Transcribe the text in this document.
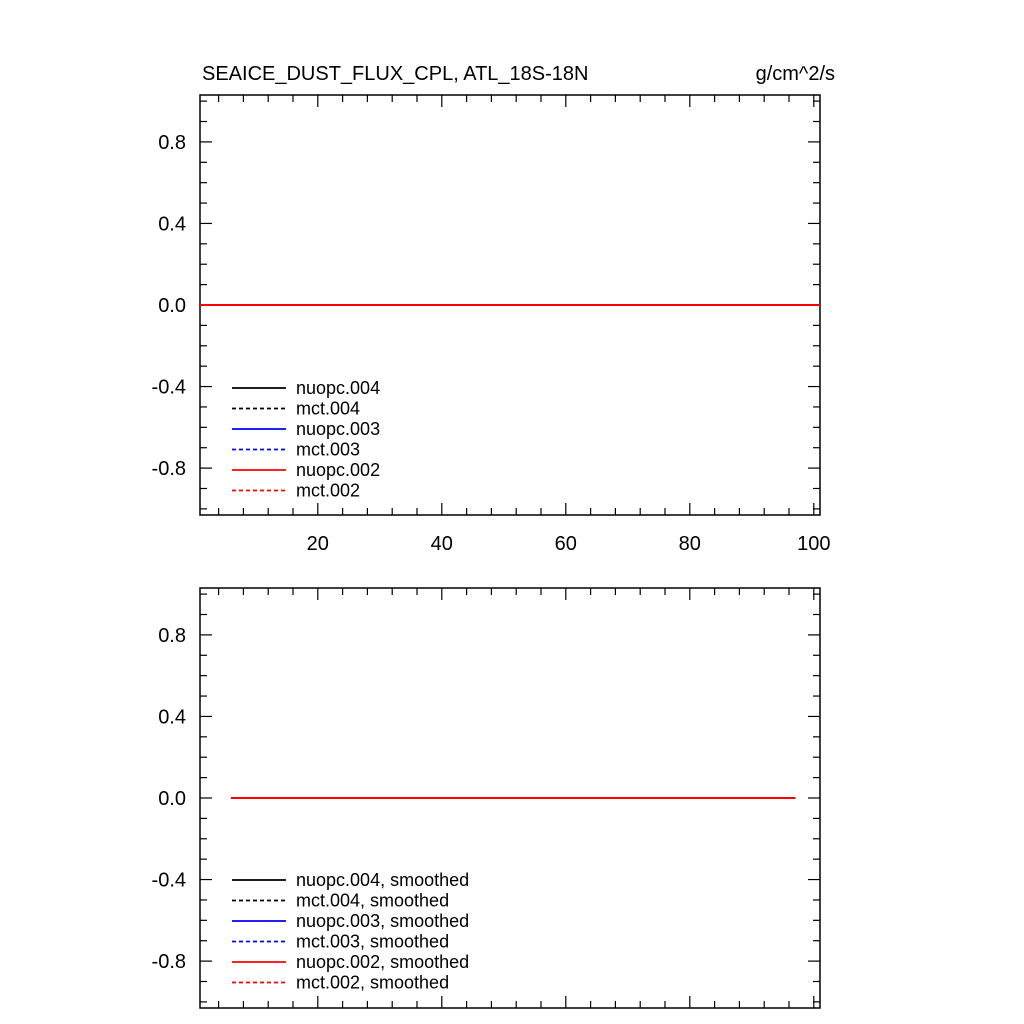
-0.8
-0.4
0.0
0.4
0.8
20	40	60	80	100
SEAICE_DUST_FLUX_CPL, ATL_18S-18N	g/cm^2/s
nuopc.004
mct.004
nuopc.003
mct.003
nuopc.002
mct.002
-0.8
-0.4
0.0
0.4
0.8
nuopc.004, smoothed
mct.004, smoothed
nuopc.003, smoothed
mct.003, smoothed
nuopc.002, smoothed
mct.002, smoothed
